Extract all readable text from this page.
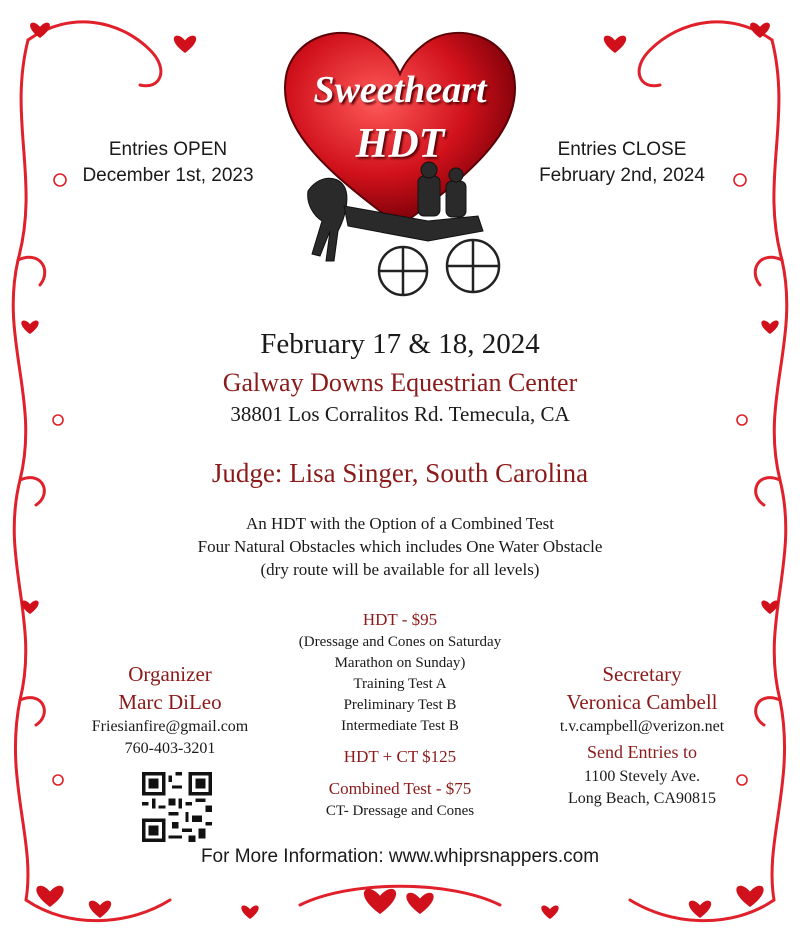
Sweetheart
HDT
Entries OPEN
December 1st, 2023
Entries CLOSE
February 2nd, 2024
February 17 & 18, 2024
Galway Downs Equestrian Center
38801 Los Corralitos Rd. Temecula, CA
Judge: Lisa Singer, South Carolina
An HDT with the Option of a Combined Test
Four Natural Obstacles which includes One Water Obstacle
(dry route will be available for all levels)
Organizer
Marc DiLeo
Friesianfire@gmail.com
760-403-3201
HDT - $95
(Dressage and Cones on Saturday
Marathon on Sunday)
Training Test A
Preliminary Test B
Intermediate Test B
HDT + CT $125
Combined Test - $75
CT- Dressage and Cones
Secretary
Veronica Cambell
t.v.campbell@verizon.net
Send Entries to
1100 Stevely Ave.
Long Beach, CA90815
For More Information: www.whiprsnappers.com
